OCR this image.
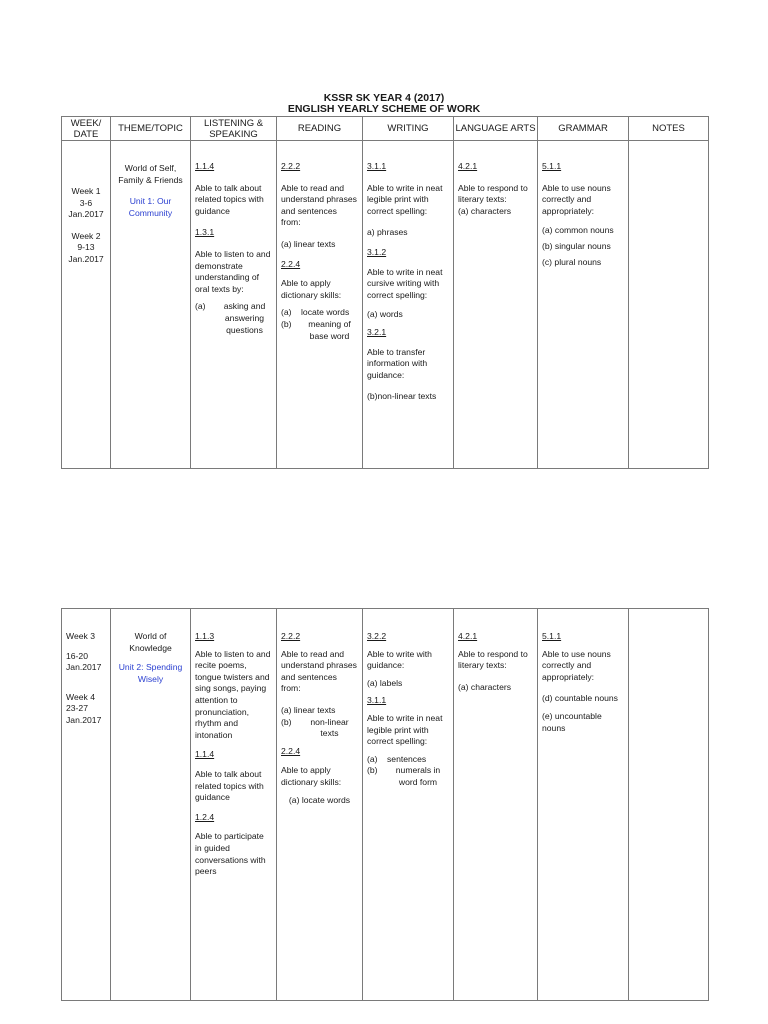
KSSR SK YEAR 4 (2017)
ENGLISH YEARLY SCHEME OF WORK
WEEK/ DATE	THEME/TOPIC	LISTENING & SPEAKING	READING	WRITING	LANGUAGE ARTS	GRAMMAR	NOTES

Week 1
3-6
Jan.2017
Week 2
9-13
Jan.2017

World of Self, Family & Friends
Unit 1: Our Community

1.1.4
Able to talk about related topics with guidance
1.3.1
Able to listen to and demonstrate understanding of oral texts by:
(a)	asking and answering questions

2.2.2
Able to read and understand phrases and sentences from:
(a) linear texts
2.2.4
Able to apply dictionary skills:
(a)	locate words
(b)	meaning of base word

3.1.1
Able to write in neat legible print with correct spelling:
a) phrases
3.1.2
Able to write in neat cursive writing with correct spelling:
(a) words
3.2.1
Able to transfer information with guidance:
(b)non-linear texts

4.2.1
Able to respond to literary texts:
(a) characters

5.1.1
Able to use nouns correctly and appropriately:
(a) common nouns
(b) singular nouns
(c) plural nouns

Week 3
16-20
Jan.2017
Week 4
23-27
Jan.2017

World of Knowledge
Unit 2: Spending Wisely

1.1.3
Able to listen to and recite poems, tongue twisters and sing songs, paying attention to pronunciation, rhythm and intonation
1.1.4
Able to talk about related topics with guidance
1.2.4
Able to participate in guided conversations with peers

2.2.2
Able to read and understand phrases and sentences from:
(a) linear texts
(b)	non-linear texts
2.2.4
Able to apply dictionary skills:
(a) locate words

3.2.2
Able to write with guidance:
(a) labels
3.1.1
Able to write in neat legible print with correct spelling:
(a)	sentences
(b)	numerals in word form

4.2.1
Able to respond to literary texts:
(a) characters

5.1.1
Able to use nouns correctly and appropriately:
(d) countable nouns
(e) uncountable nouns
